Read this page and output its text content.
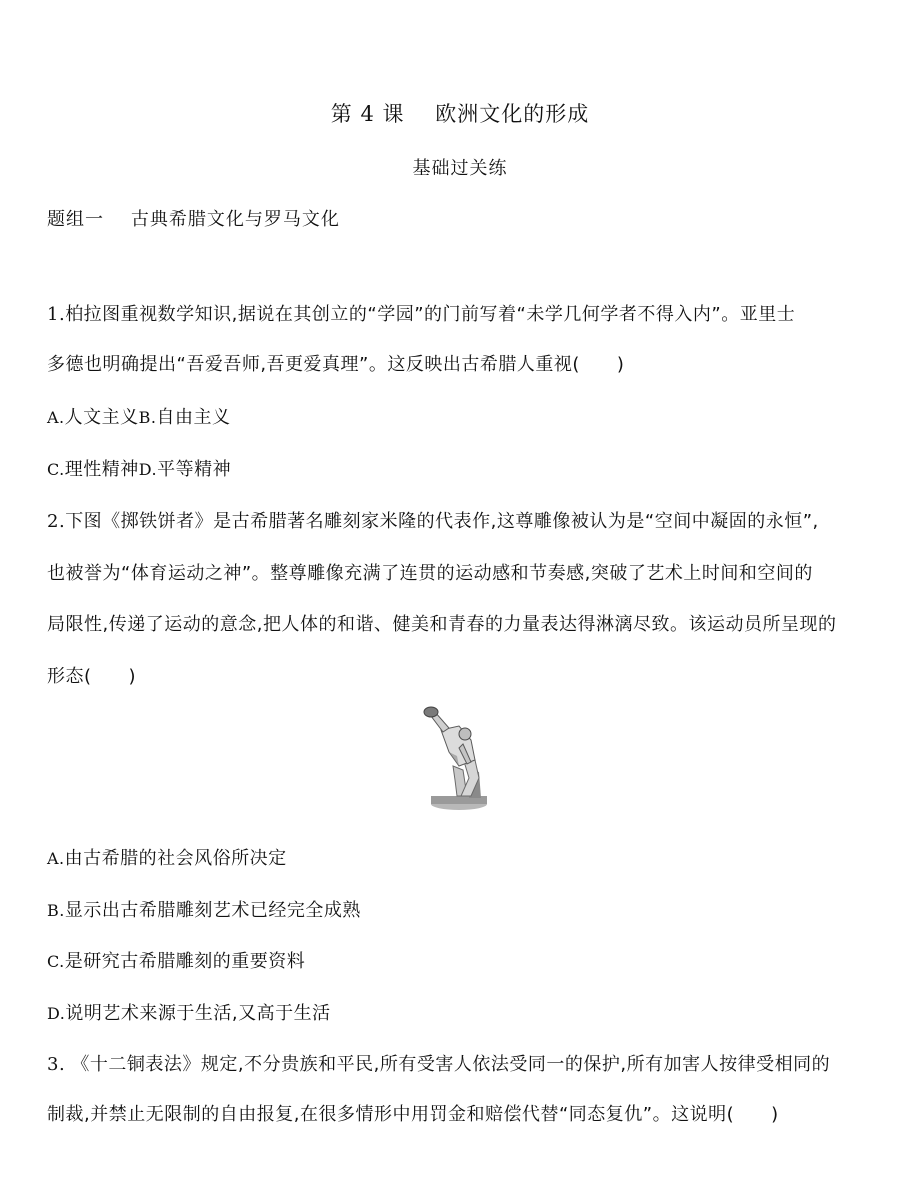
第 4 课    欧洲文化的形成
基础过关练
题组一    古典希腊文化与罗马文化
1.柏拉图重视数学知识,据说在其创立的“学园”的门前写着“未学几何学者不得入内”。亚里士
多德也明确提出“吾爱吾师,吾更爱真理”。这反映出古希腊人重视(　　)
A.人文主义B.自由主义
C.理性精神D.平等精神
2.下图《掷铁饼者》是古希腊著名雕刻家米隆的代表作,这尊雕像被认为是“空间中凝固的永恒”,
也被誉为“体育运动之神”。整尊雕像充满了连贯的运动感和节奏感,突破了艺术上时间和空间的
局限性,传递了运动的意念,把人体的和谐、健美和青春的力量表达得淋漓尽致。该运动员所呈现的
形态(　　)
A.由古希腊的社会风俗所决定
B.显示出古希腊雕刻艺术已经完全成熟
C.是研究古希腊雕刻的重要资料
D.说明艺术来源于生活,又高于生活
3. 《十二铜表法》规定,不分贵族和平民,所有受害人依法受同一的保护,所有加害人按律受相同的
制裁,并禁止无限制的自由报复,在很多情形中用罚金和赔偿代替“同态复仇”。这说明(　　)
